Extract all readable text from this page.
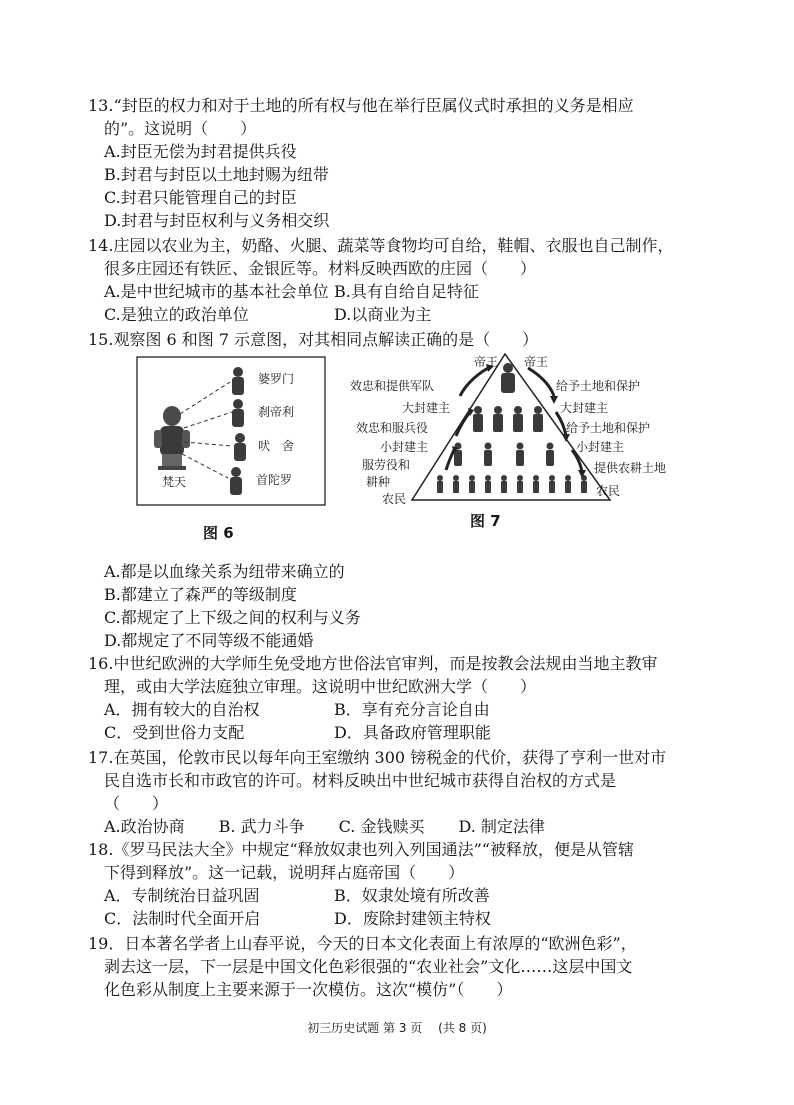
13.“封臣的权力和对于土地的所有权与他在举行臣属仪式时承担的义务是相应

的”。这说明（　　）

A.封臣无偿为封君提供兵役

B.封君与封臣以土地封赐为纽带

C.封君只能管理自己的封臣

D.封君与封臣权利与义务相交织

14.庄园以农业为主，奶酪、火腿、蔬菜等食物均可自给，鞋帽、衣服也自己制作，

很多庄园还有铁匠、金银匠等。材料反映西欧的庄园（　　）

A.是中世纪城市的基本社会单位 B.具有自给自足特征
C.是独立的政治单位	D.以商业为主

15.观察图 6 和图 7 示意图，对其相同点解读正确的是（　　）

婆罗门
刹帝利
吠　舍
首陀罗
梵天
图 6
帝王 帝王
效忠和提供军队
大封建主
效忠和服兵役
小封建主
服劳役和
耕种
农民
给予土地和保护
大封建主
给予土地和保护
小封建主
提供农耕土地
农民
图 7

A.都是以血缘关系为纽带来确立的

B.都建立了森严的等级制度

C.都规定了上下级之间的权利与义务

D.都规定了不同等级不能通婚

16.中世纪欧洲的大学师生免受地方世俗法官审判，而是按教会法规由当地主教审

理，或由大学法庭独立审理。这说明中世纪欧洲大学（　　）

A．拥有较大的自治权	B．享有充分言论自由
C．受到世俗力支配	D．具备政府管理职能

17.在英国，伦敦市民以每年向王室缴纳 300 镑税金的代价，获得了亨利一世对市

民自选市长和市政官的许可。材料反映出中世纪城市获得自治权的方式是

（　　）

A.政治协商 B. 武力斗争 C. 金钱赎买 D. 制定法律

18.《罗马民法大全》中规定“释放奴隶也列入列国通法”“被释放，便是从管辖

下得到释放”。这一记载，说明拜占庭帝国（　　）

A．专制统治日益巩固	B．奴隶处境有所改善
C．法制时代全面开启	D．废除封建领主特权

19．日本著名学者上山春平说，今天的日本文化表面上有浓厚的“欧洲色彩”，

剥去这一层，下一层是中国文化色彩很强的“农业社会”文化……这层中国文

化色彩从制度上主要来源于一次模仿。这次“模仿”（　　）

初三历史试题 第 3 页 (共 8 页)
